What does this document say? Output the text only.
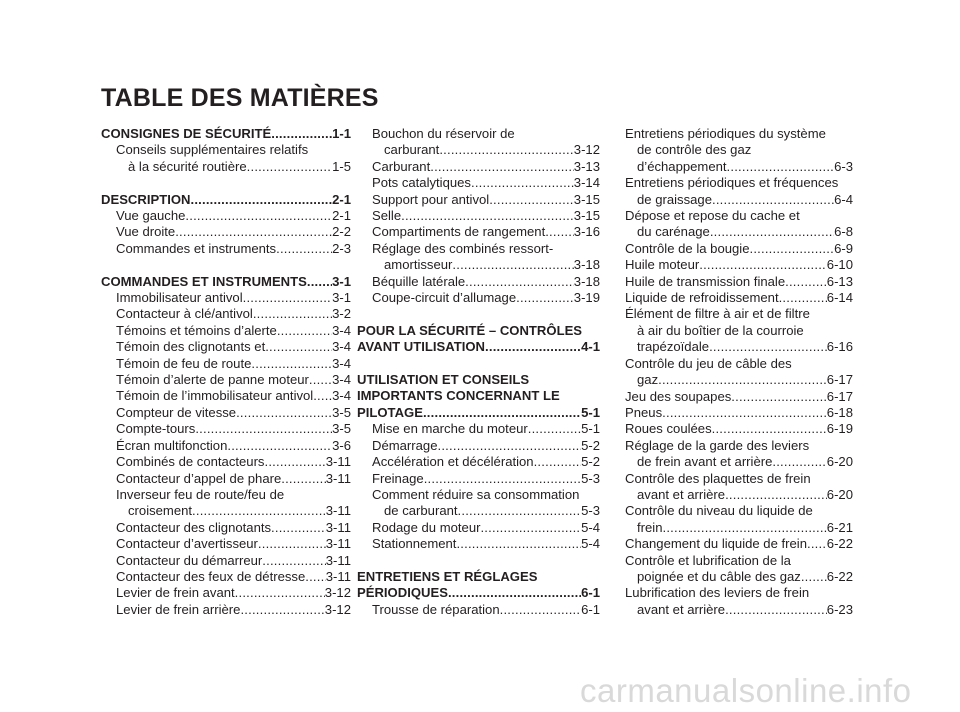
TABLE DES MATIÈRES
CONSIGNES DE SÉCURITÉ .....	1-1
Conseils supplémentaires relatifs
à la sécurité routière .....	1-5
DESCRIPTION .....	2-1
Vue gauche .....	2-1
Vue droite .....	2-2
Commandes et instruments .....	2-3
COMMANDES ET INSTRUMENTS ..... 3-1
Immobilisateur antivol .....	3-1
Contacteur à clé/antivol .....	3-2
Témoins et témoins d’alerte .....	3-4
Témoin des clignotants et .....	3-4
Témoin de feu de route .....	3-4
Témoin d’alerte de panne moteur ..... 3-4
Témoin de l’immobilisateur antivol ..... 3-4
Compteur de vitesse .....	3-5
Compte-tours .....	3-5
Écran multifonction .....	3-6
Combinés de contacteurs .....	3-11
Contacteur d’appel de phare .....	3-11
Inverseur feu de route/feu de
croisement .....	3-11
Contacteur des clignotants .....	3-11
Contacteur d’avertisseur .....	3-11
Contacteur du démarreur .....	3-11
Contacteur des feux de détresse ..... 3-11
Levier de frein avant .....	3-12
Levier de frein arrière .....	3-12
Bouchon du réservoir de
carburant .....	3-12
Carburant .....	3-13
Pots catalytiques .....	3-14
Support pour antivol .....	3-15
Selle .....	3-15
Compartiments de rangement ..... 3-16
Réglage des combinés ressort-
amortisseur .....	3-18
Béquille latérale .....	3-18
Coupe-circuit d’allumage .....	3-19
POUR LA SÉCURITÉ – CONTRÔLES
AVANT UTILISATION .....	4-1
UTILISATION ET CONSEILS
IMPORTANTS CONCERNANT LE
PILOTAGE .....	5-1
Mise en marche du moteur .....	5-1
Démarrage .....	5-2
Accélération et décélération .....	5-2
Freinage .....	5-3
Comment réduire sa consommation
de carburant .....	5-3
Rodage du moteur .....	5-4
Stationnement .....	5-4
ENTRETIENS ET RÉGLAGES
PÉRIODIQUES .....	6-1
Trousse de réparation .....	6-1
Entretiens périodiques du système
de contrôle des gaz
d’échappement .....	6-3
Entretiens périodiques et fréquences
de graissage .....	6-4
Dépose et repose du cache et
du carénage .....	6-8
Contrôle de la bougie .....	6-9
Huile moteur .....	6-10
Huile de transmission finale .....	6-13
Liquide de refroidissement .....	6-14
Élément de filtre à air et de filtre
à air du boîtier de la courroie
trapézoïdale .....	6-16
Contrôle du jeu de câble des
gaz .....	6-17
Jeu des soupapes .....	6-17
Pneus .....	6-18
Roues coulées .....	6-19
Réglage de la garde des leviers
de frein avant et arrière .....	6-20
Contrôle des plaquettes de frein
avant et arrière .....	6-20
Contrôle du niveau du liquide de
frein .....	6-21
Changement du liquide de frein ..... 6-22
Contrôle et lubrification de la
poignée et du câble des gaz ..... 6-22
Lubrification des leviers de frein
avant et arrière .....	6-23
carmanualsonline.info
